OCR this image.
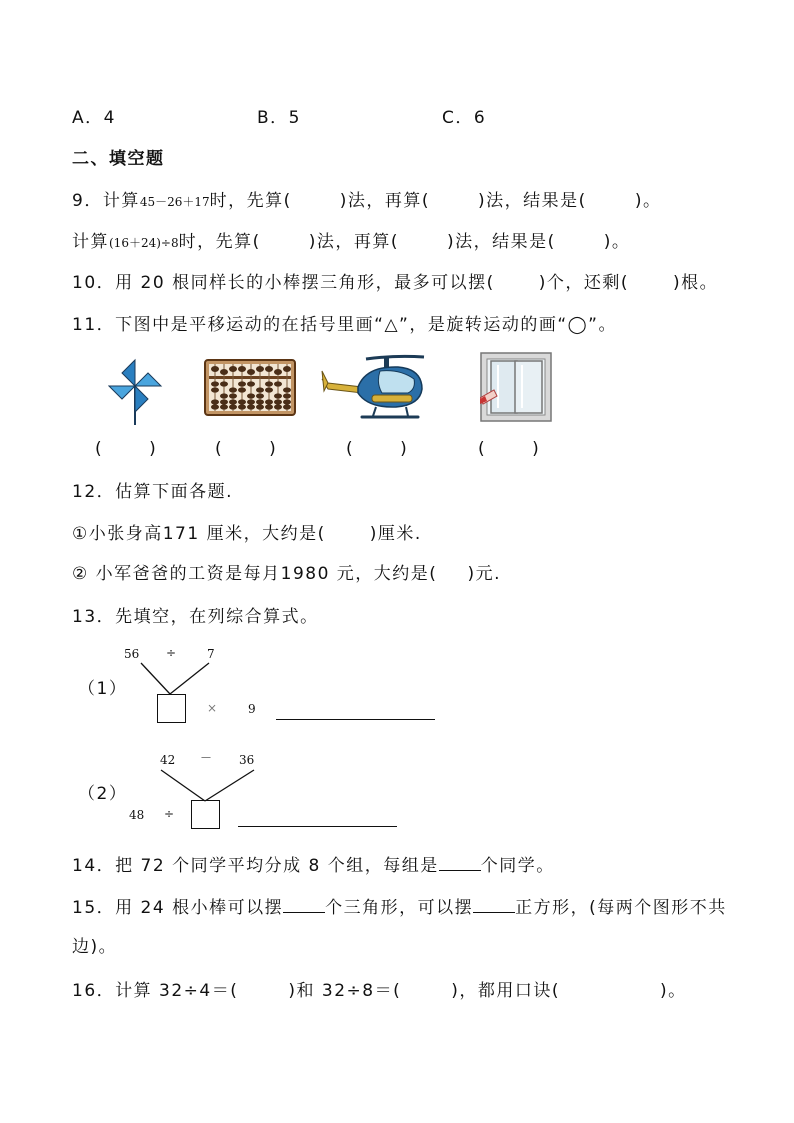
A．4	B．5	C．6
二、填空题
9．计算45－26＋17时，先算(	)法，再算(	)法，结果是(	)。
计算(16＋24)÷8时，先算(	)法，再算(	)法，结果是(	)。
10．用 20 根同样长的小棒摆三角形，最多可以摆(	)个，还剩(	)根。
11．下图中是平移运动的在括号里画“△”，是旋转运动的画“◯”。
(	)	(	)	(	)	(	)
12．估算下面各题.
①小张身高171 厘米，大约是(	)厘米.
② 小军爸爸的工资是每月1980 元，大约是( )元.
13．先填空，在列综合算式。
（1）
56 ÷	7
×	9
（2）
42 － 36
48 ÷
14．把 72 个同学平均分成 8 个组，每组是 个同学。
15．用 24 根小棒可以摆 个三角形，可以摆 正方形，(每两个图形不共
边)。
16．计算 32÷4＝(	)和 32÷8＝(	)，都用口诀(	)。
